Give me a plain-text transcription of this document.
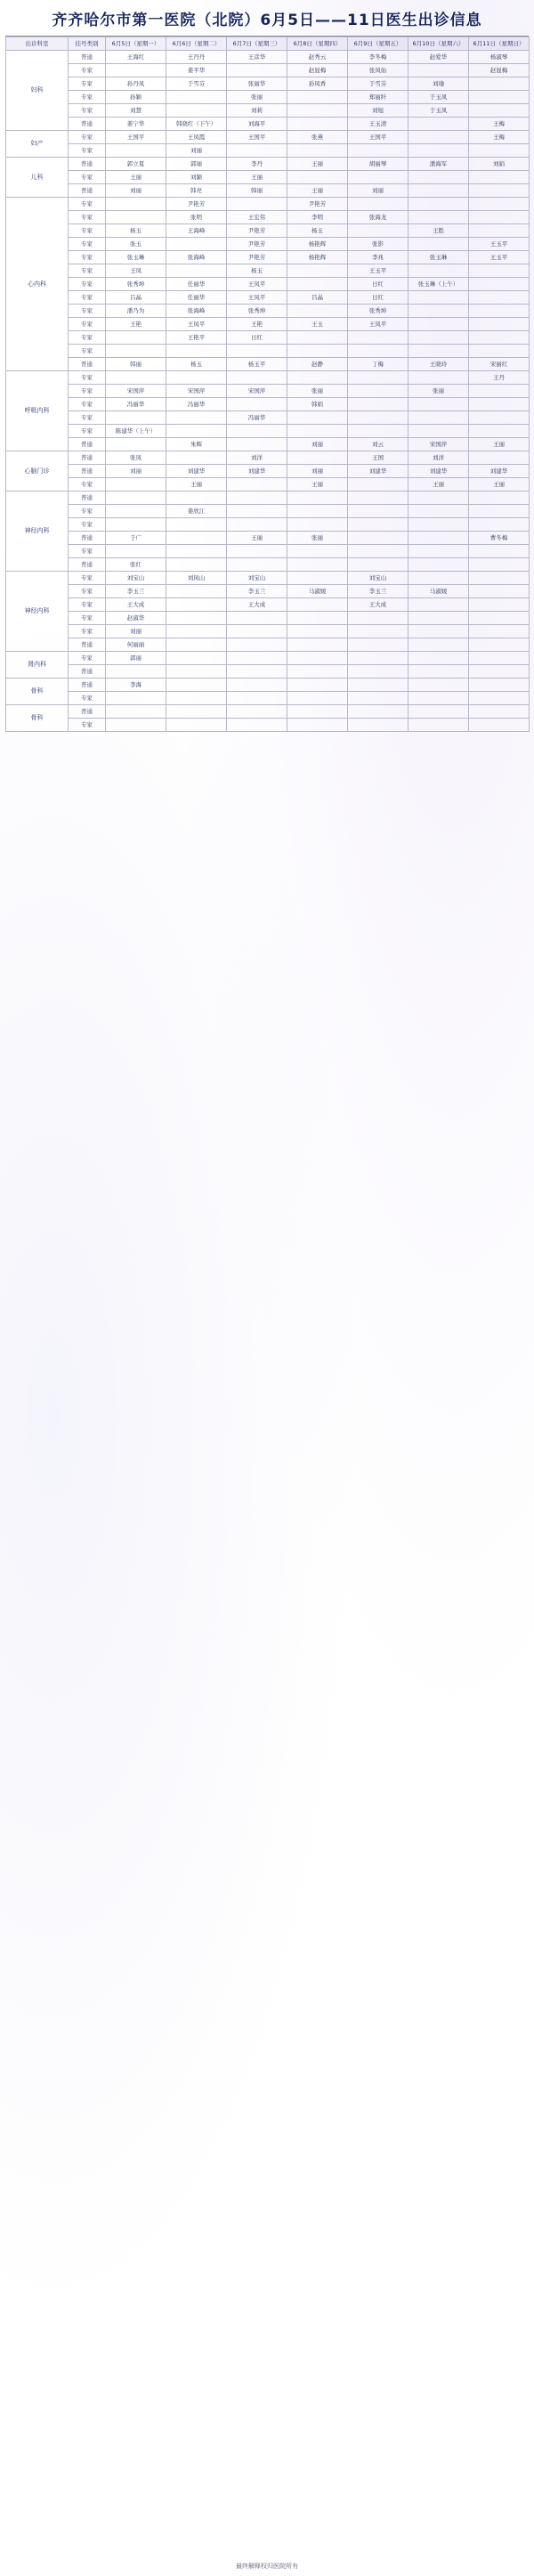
齐齐哈尔市第一医院（北院）6月5日——11日医生出诊信息
出诊科室	挂号类别	6月5日（星期一）	6月6日（星期二）	6月7日（星期三）	6月8日（星期四）	6月9日（星期五）	6月10日（星期六）	6月11日（星期日）
妇科	普通	王海红	王丹丹	王彦华	赵秀云	李冬梅	赵爱华	杨淑琴
	专家		姜平华		赵显梅	张凤仙		赵显梅
	专家	孙丹凤	于雪芬	张丽华	孙凤香	于雪芬	刘瑜	
	专家	孙颖		张丽		郑丽纤	于玉凤	
	专家	刘慧		刘莉		刘旭	于玉凤	
	普通	姜宁华	韩晓红（下午）	刘海平		王玉清		王梅
妇产	专家	王国平	王凤霞	王国平	张燕	王国平		王梅
	专家		刘丽					
儿科	普通	郭立夏	郭丽	李丹	王丽	胡丽琴	潘海军	刘娟
	专家	王丽	刘颖	王丽				
	普通	刘丽	韩亮	韩丽	王丽	刘丽		
心内科	专家		尹艳芳		尹艳芳			
	专家		张明	王宏伟	李明	张海龙		
	专家	杨玉	王海峰	尹艳芳	杨玉		王胜	
	专家	张玉		尹艳芳	杨艳辉	张影		王玉平
	专家	张玉琳	张海峰	尹艳芳	杨艳辉	李兆	张玉琳	王玉平
	专家	王凤		杨玉		王玉平		
	专家	张秀坤	任丽华	王凤平		日红	张玉琳（上午）	
	专家	吕晶	任丽华	王凤平	吕晶	日红		
	专家	潘乃为	张海峰	张秀坤		张秀坤		
	专家	王艳	王凤平	王艳	王玉	王凤平		
	专家		王艳平	日红				
	专家							
	普通	韩丽	杨玉	杨玉平	赵静	丁梅	王晓玲	宋丽红
呼吸内科	专家							王丹
	专家	宋国萍	宋国萍	宋国萍	张丽		张丽	
	专家	冯丽华	冯丽华		韩娟			
	专家			冯丽华				
	专家	陈建华（上午）						
	普通		朱辉		刘丽	刘云	宋国萍	王丽
心脑门诊	普通	张凤		刘洋		王国	刘洋	
	普通	刘丽	刘建华	刘建华	刘丽	刘建华	刘建华	刘建华
	专家		王丽		王丽		王丽	王丽
神经内科	普通							
	专家		姜欣江					
	专家							
	普通	于广		王丽	张丽			曹冬梅
	专家							
	普通	张红						
神经内科	专家	刘宝山	刘凤山	刘宝山		刘宝山		
	专家	李玉兰		李玉兰	马淑媛	李玉兰	马淑媛	
	专家	王大成		王大成		王大成		
	专家	赵淑华						
	专家	刘丽						
	普通	何丽丽						
肾内科	专家	郭丽						
	普通							
骨科	普通	李海						
	专家							
骨科	普通							
	专家							
最终解释权归医院所有
